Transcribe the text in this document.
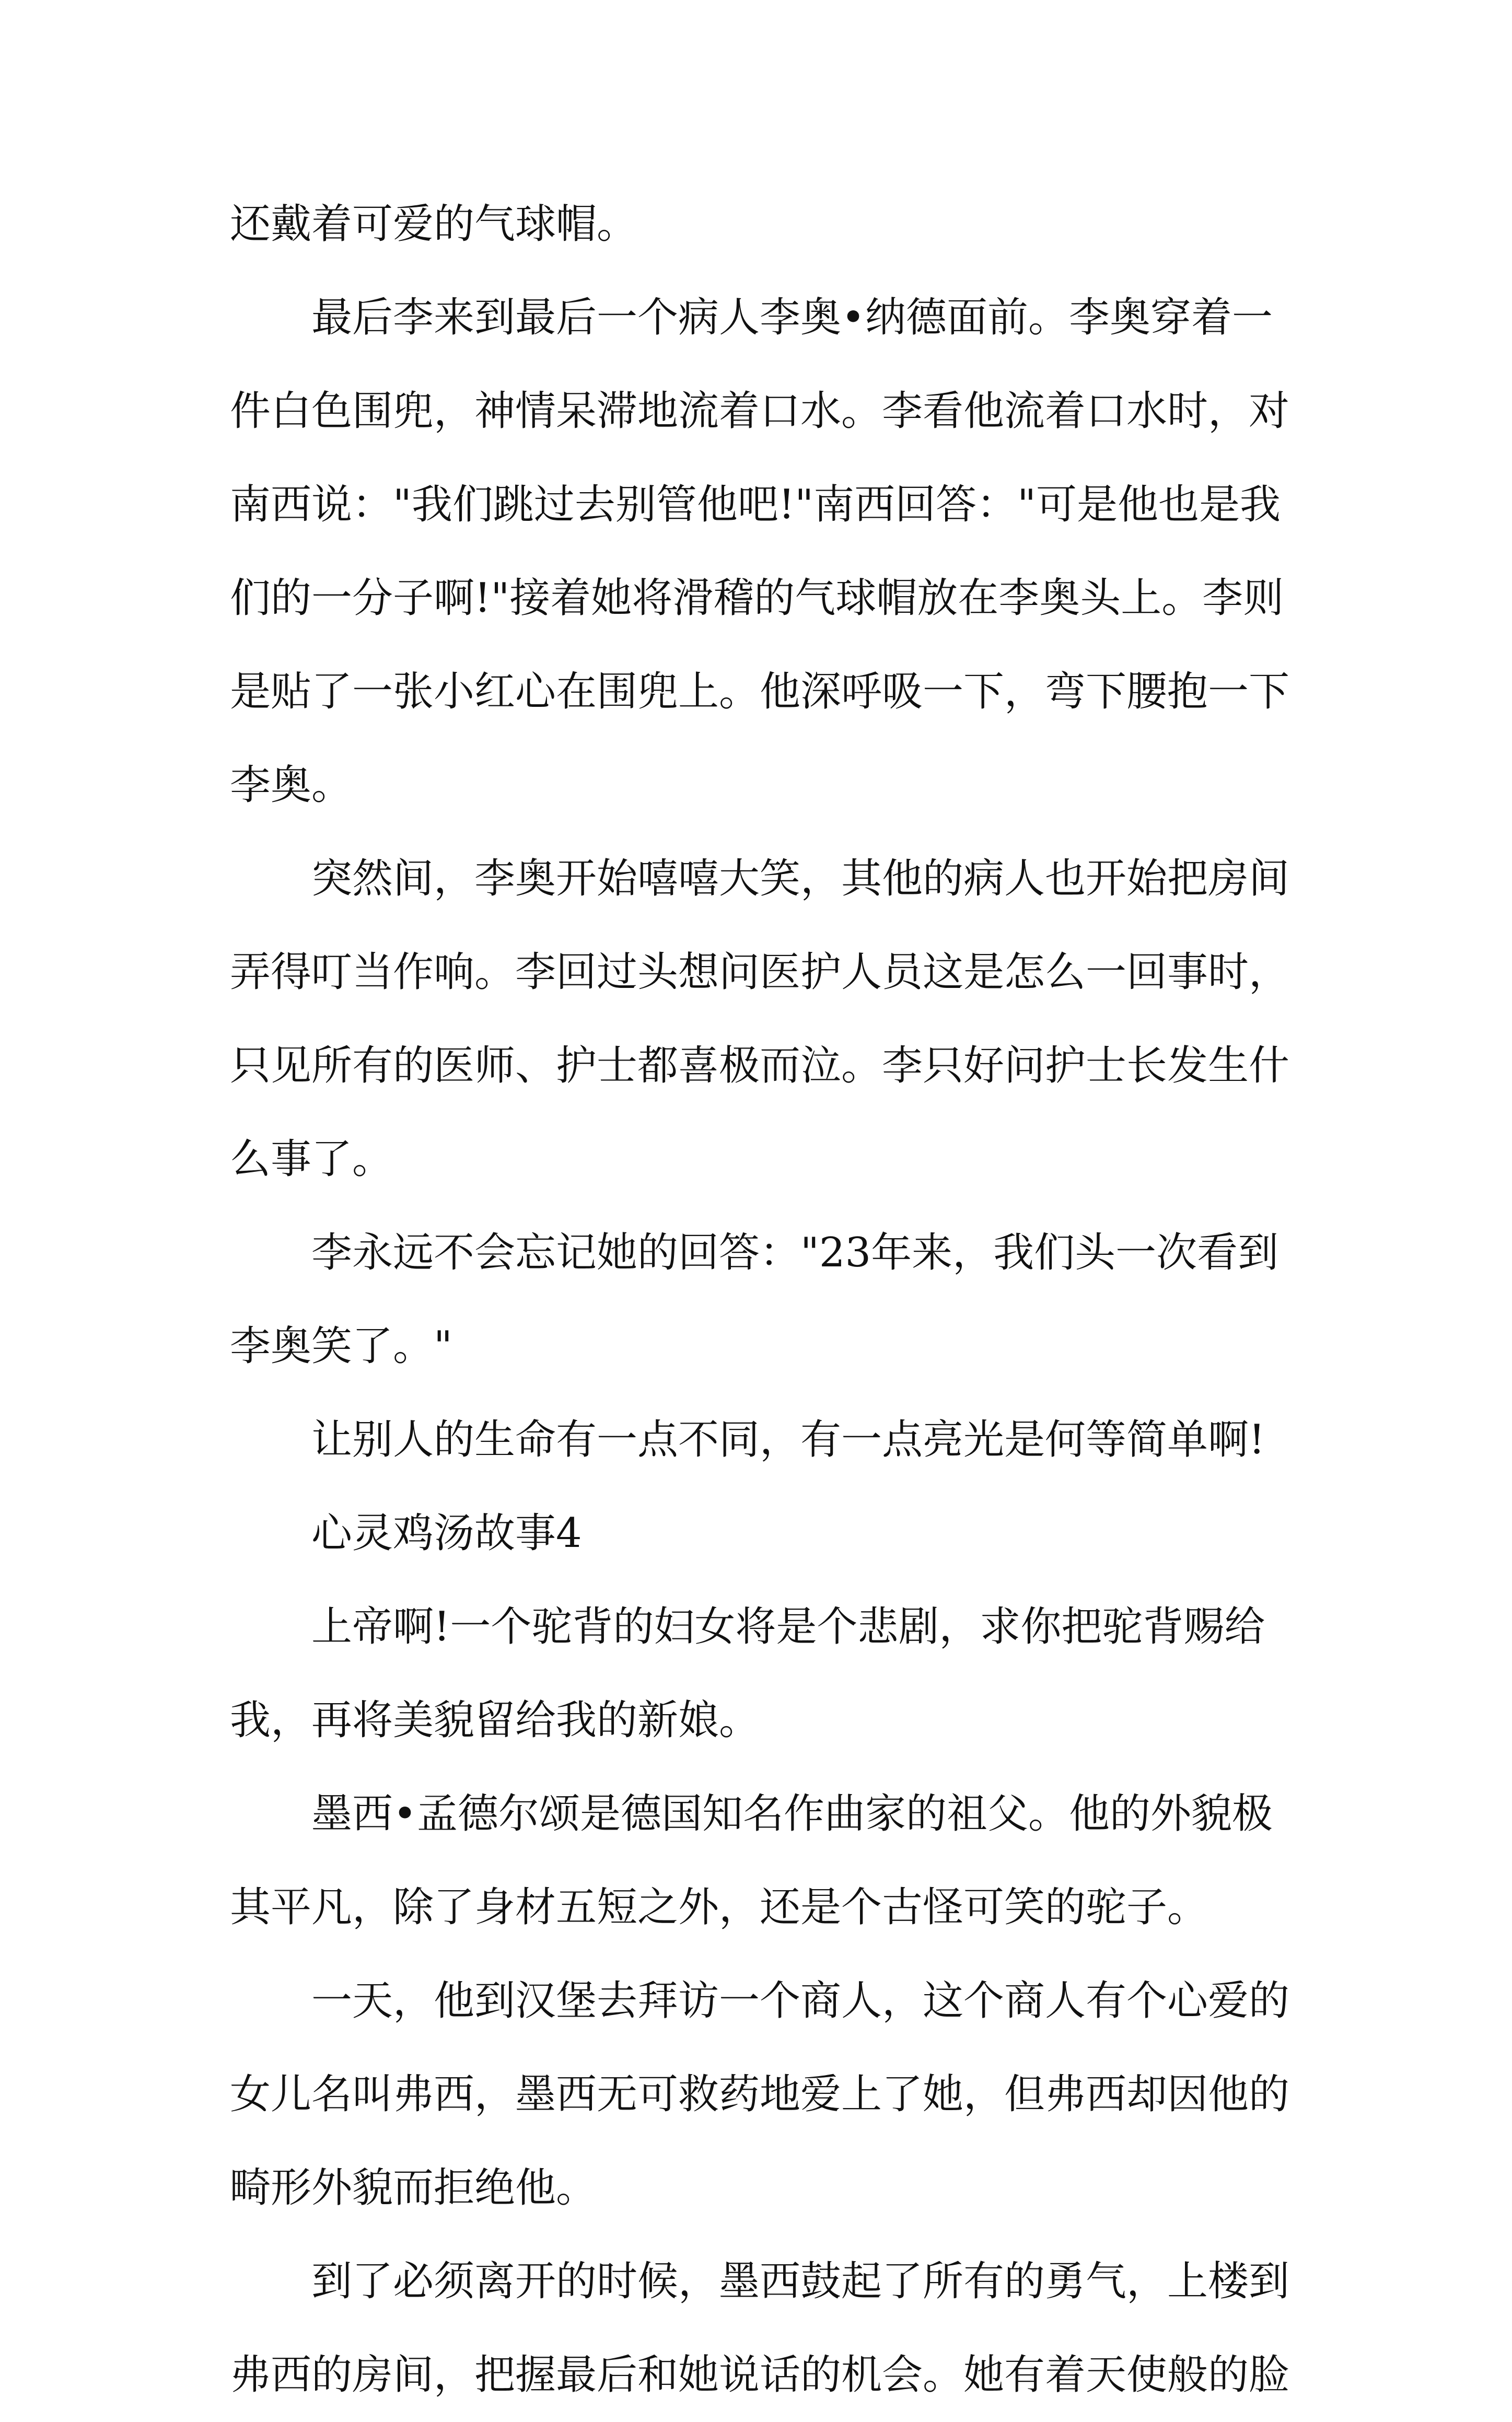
还戴着可爱的气球帽。
最后李来到最后一个病人李奥•纳德面前。李奥穿着一
件白色围兜，神情呆滞地流着口水。李看他流着口水时，对
南西说："我们跳过去别管他吧!"南西回答："可是他也是我
们的一分子啊!"接着她将滑稽的气球帽放在李奥头上。李则
是贴了一张小红心在围兜上。他深呼吸一下，弯下腰抱一下
李奥。
突然间，李奥开始嘻嘻大笑，其他的病人也开始把房间
弄得叮当作响。李回过头想问医护人员这是怎么一回事时，
只见所有的医师、护士都喜极而泣。李只好问护士长发生什
么事了。
李永远不会忘记她的回答："23年来，我们头一次看到
李奥笑了。"
让别人的生命有一点不同，有一点亮光是何等简单啊!
心灵鸡汤故事4
上帝啊!一个驼背的妇女将是个悲剧，求你把驼背赐给
我，再将美貌留给我的新娘。
墨西•孟德尔颂是德国知名作曲家的祖父。他的外貌极
其平凡，除了身材五短之外，还是个古怪可笑的驼子。
一天，他到汉堡去拜访一个商人，这个商人有个心爱的
女儿名叫弗西，墨西无可救药地爱上了她，但弗西却因他的
畸形外貌而拒绝他。
到了必须离开的时候，墨西鼓起了所有的勇气，上楼到
弗西的房间，把握最后和她说话的机会。她有着天使般的脸
